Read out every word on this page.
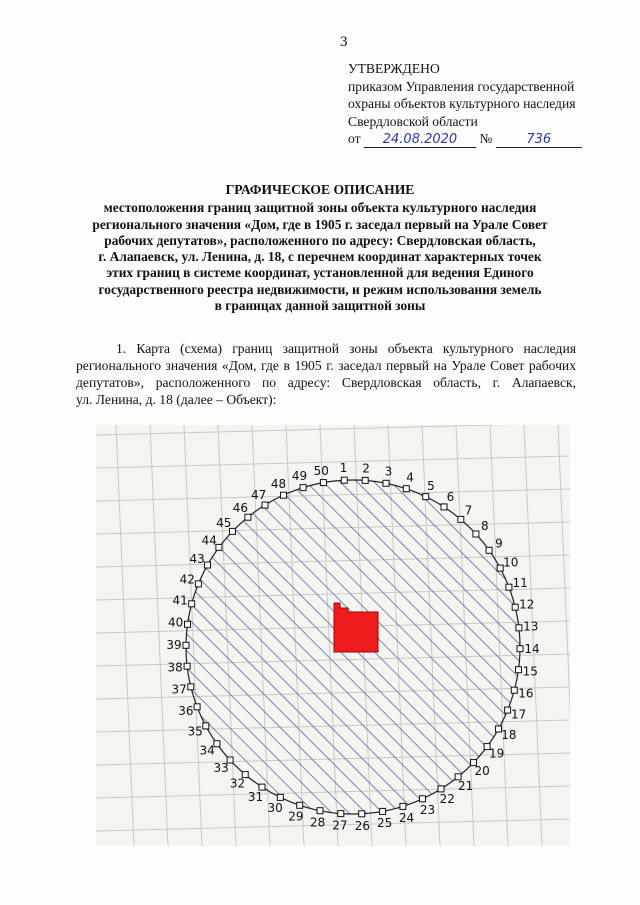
3
УТВЕРЖДЕНО
приказом Управления государственной
охраны объектов культурного наследия
Свердловской области
от 24.08.2020 №	736
ГРАФИЧЕСКОЕ ОПИСАНИЕ
местоположения границ защитной зоны объекта культурного наследия
регионального значения «Дом, где в 1905 г. заседал первый на Урале Совет
рабочих депутатов», расположенного по адресу: Свердловская область,
г. Алапаевск, ул. Ленина, д. 18, с перечнем координат характерных точек
этих границ в системе координат, установленной для ведения Единого
государственного реестра недвижимости, и режим использования земель
в границах данной защитной зоны
1. Карта (схема) границ защитной зоны объекта культурного наследия
регионального значения «Дом, где в 1905 г. заседал первый на Урале Совет рабочих
депутатов», расположенного по адресу: Свердловская область, г. Алапаевск,
ул. Ленина, д. 18 (далее – Объект):
1 2 3 4
5
6
7
8
9
10
11
12
13
14
15
16
17
18
19
20
21
22
23
24
25
26
27
28
29
30
31
32
33
34
35
36
37
38
39
40
41
42
43
44
45
46
47
48
49 50
